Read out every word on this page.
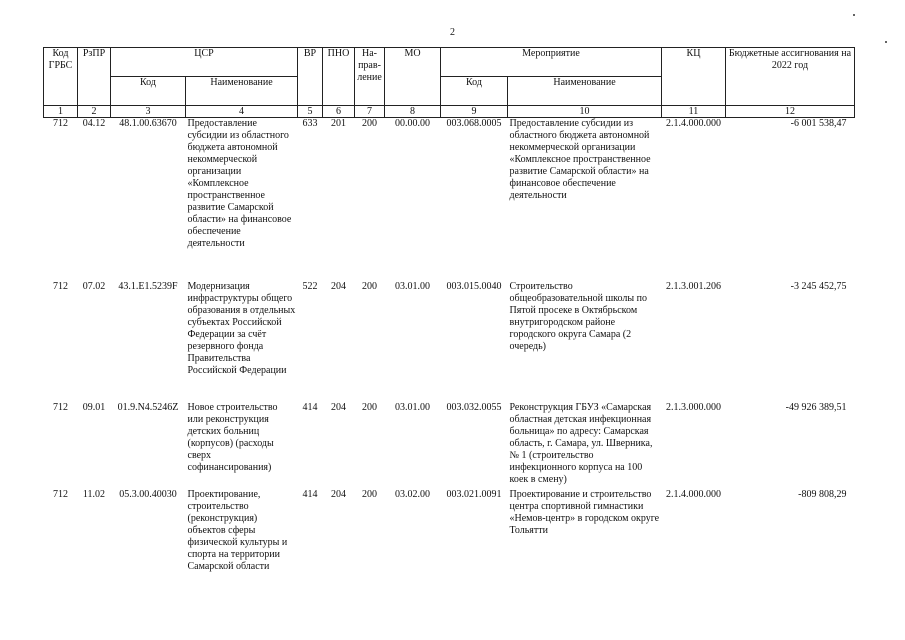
2
Код ГРБС	РзПР	ЦСР		ВР	ПНО	На-прав-ление	МО	Мероприятие		КЦ	Бюджетные ассигнования на 2022 год
		Код	Наименование					Код	Наименование		
1	2	3	4	5	6	7	8	9	10	11	12
712	04.12	48.1.00.63670	Предоставление субсидии из областного бюджета автономной некоммерческой организации «Комплексное пространственное развитие Самарской области» на финансовое обеспечение деятельности	633	201	200	00.00.00	003.068.0005	Предоставление субсидии из областного бюджета автономной некоммерческой организации «Комплексное пространственное развитие Самарской области» на финансовое обеспечение деятельности	2.1.4.000.000	-6 001 538,47
712	07.02	43.1.E1.5239F	Модернизация инфраструктуры общего образования в отдельных субъектах Российской Федерации за счёт резервного фонда Правительства Российской Федерации	522	204	200	03.01.00	003.015.0040	Строительство общеобразовательной школы по Пятой просеке в Октябрьском внутригородском районе городского округа Самара (2 очередь)	2.1.3.001.206	-3 245 452,75
712	09.01	01.9.N4.5246Z	Новое строительство или реконструкция детских больниц (корпусов) (расходы сверх софинансирования)	414	204	200	03.01.00	003.032.0055	Реконструкция ГБУЗ «Самарская областная детская инфекционная больница» по адресу: Самарская область, г. Самара, ул. Шверника, № 1 (строительство инфекционного корпуса на 100 коек в смену)	2.1.3.000.000	-49 926 389,51
712	11.02	05.3.00.40030	Проектирование, строительство (реконструкция) объектов сферы физической культуры и спорта на территории Самарской области	414	204	200	03.02.00	003.021.0091	Проектирование и строительство центра спортивной гимнастики «Немов-центр» в городском округе Тольятти	2.1.4.000.000	-809 808,29
